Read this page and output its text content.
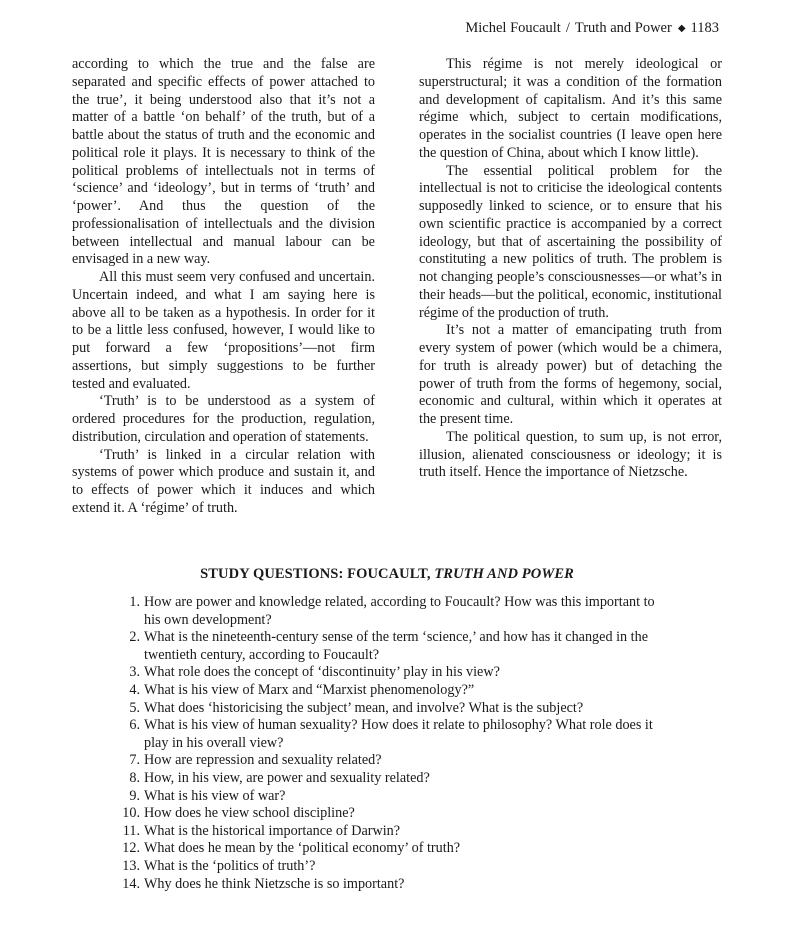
Michel Foucault / Truth and Power ◆ 1183

according to which the true and the false are separated and specific effects of power attached to the true’, it being understood also that it’s not a matter of a battle ‘on behalf’ of the truth, but of a battle about the status of truth and the economic and political role it plays. It is necessary to think of the political problems of intellectuals not in terms of ‘science’ and ‘ideology’, but in terms of ‘truth’ and ‘power’. And thus the question of the professionalisation of intellectuals and the division between intellectual and manual labour can be envisaged in a new way.

All this must seem very confused and uncertain. Uncertain indeed, and what I am saying here is above all to be taken as a hypothesis. In order for it to be a little less confused, however, I would like to put forward a few ‘propositions’—not firm assertions, but simply suggestions to be further tested and evaluated.

‘Truth’ is to be understood as a system of ordered procedures for the production, regulation, distribution, circulation and operation of statements.

‘Truth’ is linked in a circular relation with systems of power which produce and sustain it, and to effects of power which it induces and which extend it. A ‘régime’ of truth.

This régime is not merely ideological or superstructural; it was a condition of the formation and development of capitalism. And it’s this same régime which, subject to certain modifications, operates in the socialist countries (I leave open here the question of China, about which I know little).

The essential political problem for the intellectual is not to criticise the ideological contents supposedly linked to science, or to ensure that his own scientific practice is accompanied by a correct ideology, but that of ascertaining the possibility of constituting a new politics of truth. The problem is not changing people’s consciousnesses—or what’s in their heads—but the political, economic, institutional régime of the production of truth.

It’s not a matter of emancipating truth from every system of power (which would be a chimera, for truth is already power) but of detaching the power of truth from the forms of hegemony, social, economic and cultural, within which it operates at the present time.

The political question, to sum up, is not error, illusion, alienated consciousness or ideology; it is truth itself. Hence the importance of Nietzsche.

STUDY QUESTIONS: FOUCAULT, TRUTH AND POWER
1. How are power and knowledge related, according to Foucault? How was this important to his own development?
2. What is the nineteenth-century sense of the term ‘science,’ and how has it changed in the twentieth century, according to Foucault?
3. What role does the concept of ‘discontinuity’ play in his view?
4. What is his view of Marx and “Marxist phenomenology?”
5. What does ‘historicising the subject’ mean, and involve? What is the subject?
6. What is his view of human sexuality? How does it relate to philosophy? What role does it play in his overall view?
7. How are repression and sexuality related?
8. How, in his view, are power and sexuality related?
9. What is his view of war?
10. How does he view school discipline?
11. What is the historical importance of Darwin?
12. What does he mean by the ‘political economy’ of truth?
13. What is the ‘politics of truth’?
14. Why does he think Nietzsche is so important?
